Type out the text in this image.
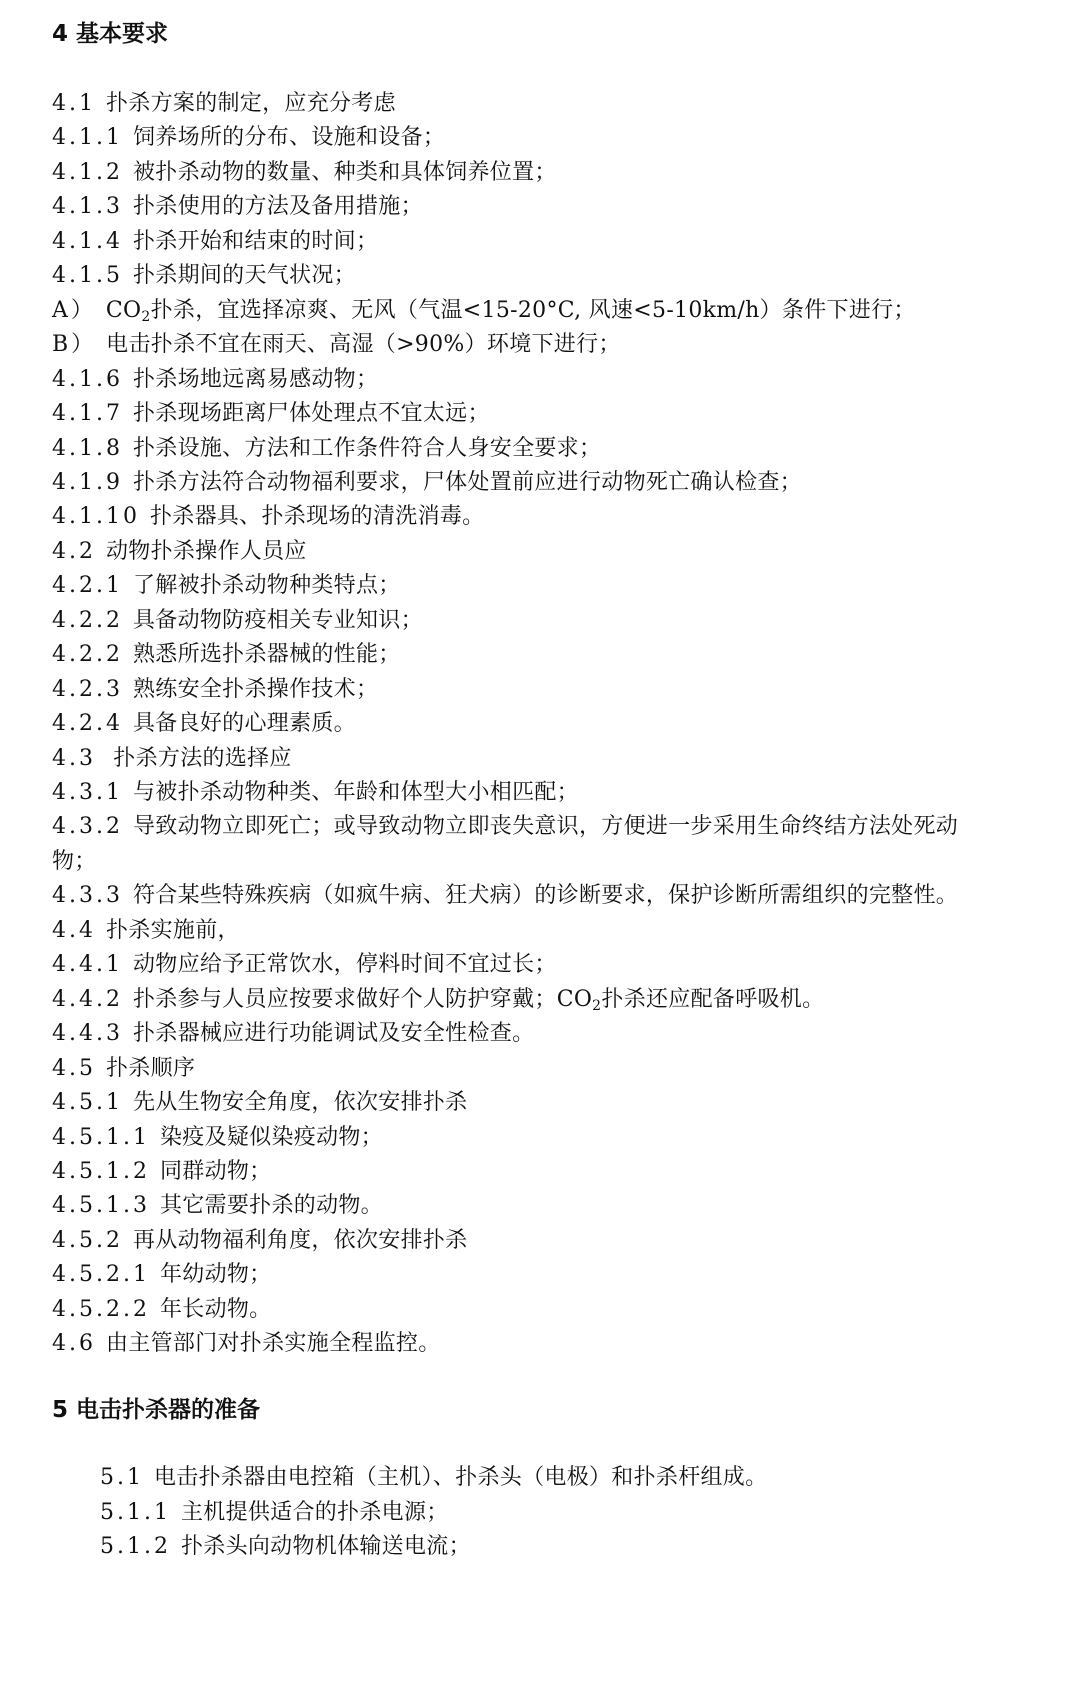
4 基本要求
4.1 扑杀方案的制定，应充分考虑
4.1.1 饲养场所的分布、设施和设备；
4.1.2 被扑杀动物的数量、种类和具体饲养位置；
4.1.3 扑杀使用的方法及备用措施；
4.1.4 扑杀开始和结束的时间；
4.1.5 扑杀期间的天气状况；
A） $CO_2$扑杀，宜选择凉爽、无风（气温<15-20°C, 风速<5-10km/h）条件下进行；
B） 电击扑杀不宜在雨天、高湿（>90%）环境下进行；
4.1.6 扑杀场地远离易感动物；
4.1.7 扑杀现场距离尸体处理点不宜太远；
4.1.8 扑杀设施、方法和工作条件符合人身安全要求；
4.1.9 扑杀方法符合动物福利要求，尸体处置前应进行动物死亡确认检查；
4.1.10 扑杀器具、扑杀现场的清洗消毒。
4.2 动物扑杀操作人员应
4.2.1 了解被扑杀动物种类特点；
4.2.2 具备动物防疫相关专业知识；
4.2.2 熟悉所选扑杀器械的性能；
4.2.3 熟练安全扑杀操作技术；
4.2.4 具备良好的心理素质。
4.3 扑杀方法的选择应
4.3.1 与被扑杀动物种类、年龄和体型大小相匹配；
4.3.2 导致动物立即死亡；或导致动物立即丧失意识，方便进一步采用生命终结方法处死动
物；
4.3.3 符合某些特殊疾病（如疯牛病、狂犬病）的诊断要求，保护诊断所需组织的完整性。
4.4 扑杀实施前，
4.4.1 动物应给予正常饮水，停料时间不宜过长；
4.4.2 扑杀参与人员应按要求做好个人防护穿戴；$CO_2$扑杀还应配备呼吸机。
4.4.3 扑杀器械应进行功能调试及安全性检查。
4.5 扑杀顺序
4.5.1 先从生物安全角度，依次安排扑杀
4.5.1.1 染疫及疑似染疫动物；
4.5.1.2 同群动物；
4.5.1.3 其它需要扑杀的动物。
4.5.2 再从动物福利角度，依次安排扑杀
4.5.2.1 年幼动物；
4.5.2.2 年长动物。
4.6 由主管部门对扑杀实施全程监控。
5 电击扑杀器的准备
5.1 电击扑杀器由电控箱（主机）、扑杀头（电极）和扑杀杆组成。
5.1.1 主机提供适合的扑杀电源；
5.1.2 扑杀头向动物机体输送电流；
